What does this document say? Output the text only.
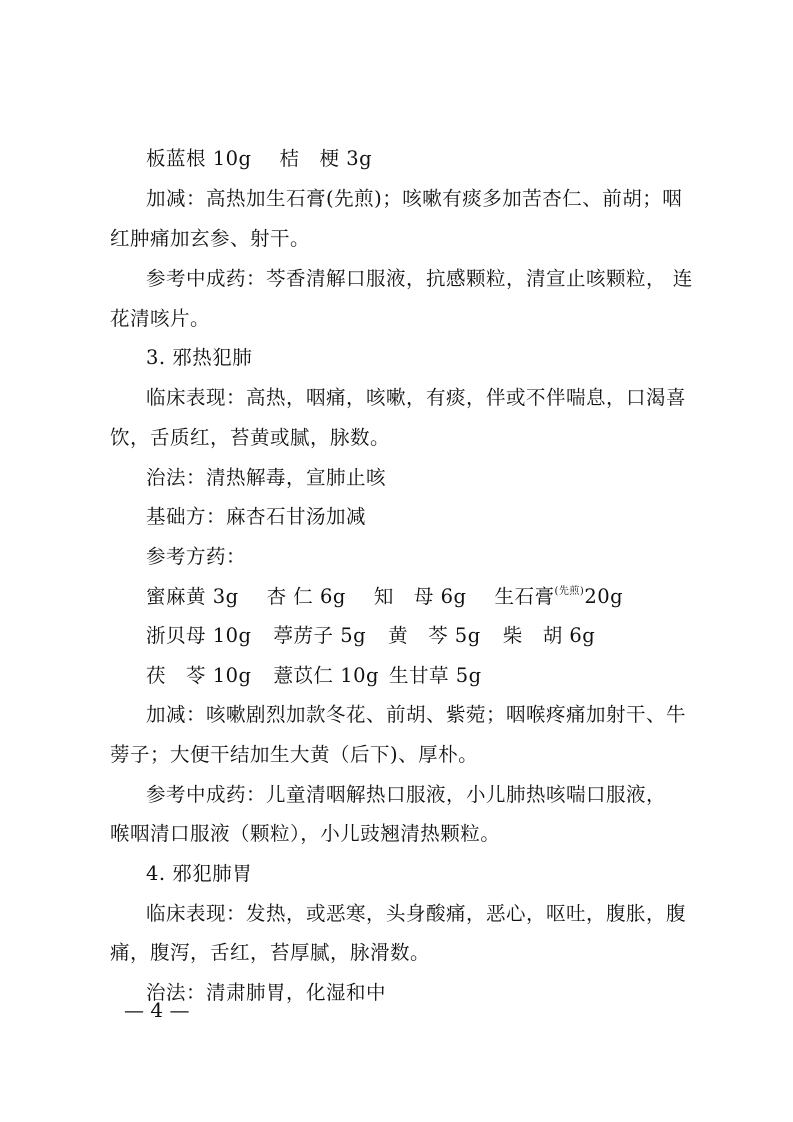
板蓝根 10g 桔　梗 3g
加减：高热加生石膏(先煎)；咳嗽有痰多加苦杏仁、前胡；咽
红肿痛加玄参、射干。
参考中成药：芩香清解口服液，抗感颗粒，清宣止咳颗粒， 连
花清咳片。
3. 邪热犯肺
临床表现：高热，咽痛，咳嗽，有痰，伴或不伴喘息，口渴喜
饮，舌质红，苔黄或腻，脉数。
治法：清热解毒，宣肺止咳
基础方：麻杏石甘汤加减
参考方药：
蜜麻黄 3g 杏 仁 6g 知　母 6g 生石膏$^{(先煎)}$20g
浙贝母 10g 葶苈子 5g 黄　芩 5g 柴　胡 6g
茯　苓 10g 薏苡仁 10g 生甘草 5g
加减：咳嗽剧烈加款冬花、前胡、紫菀；咽喉疼痛加射干、牛
蒡子；大便干结加生大黄（后下)、厚朴。
参考中成药：儿童清咽解热口服液，小儿肺热咳喘口服液，
喉咽清口服液（颗粒），小儿豉翘清热颗粒。
4. 邪犯肺胃
临床表现：发热，或恶寒，头身酸痛，恶心，呕吐，腹胀，腹
痛，腹泻，舌红，苔厚腻，脉滑数。
治法：清肃肺胃，化湿和中
— 4 —
